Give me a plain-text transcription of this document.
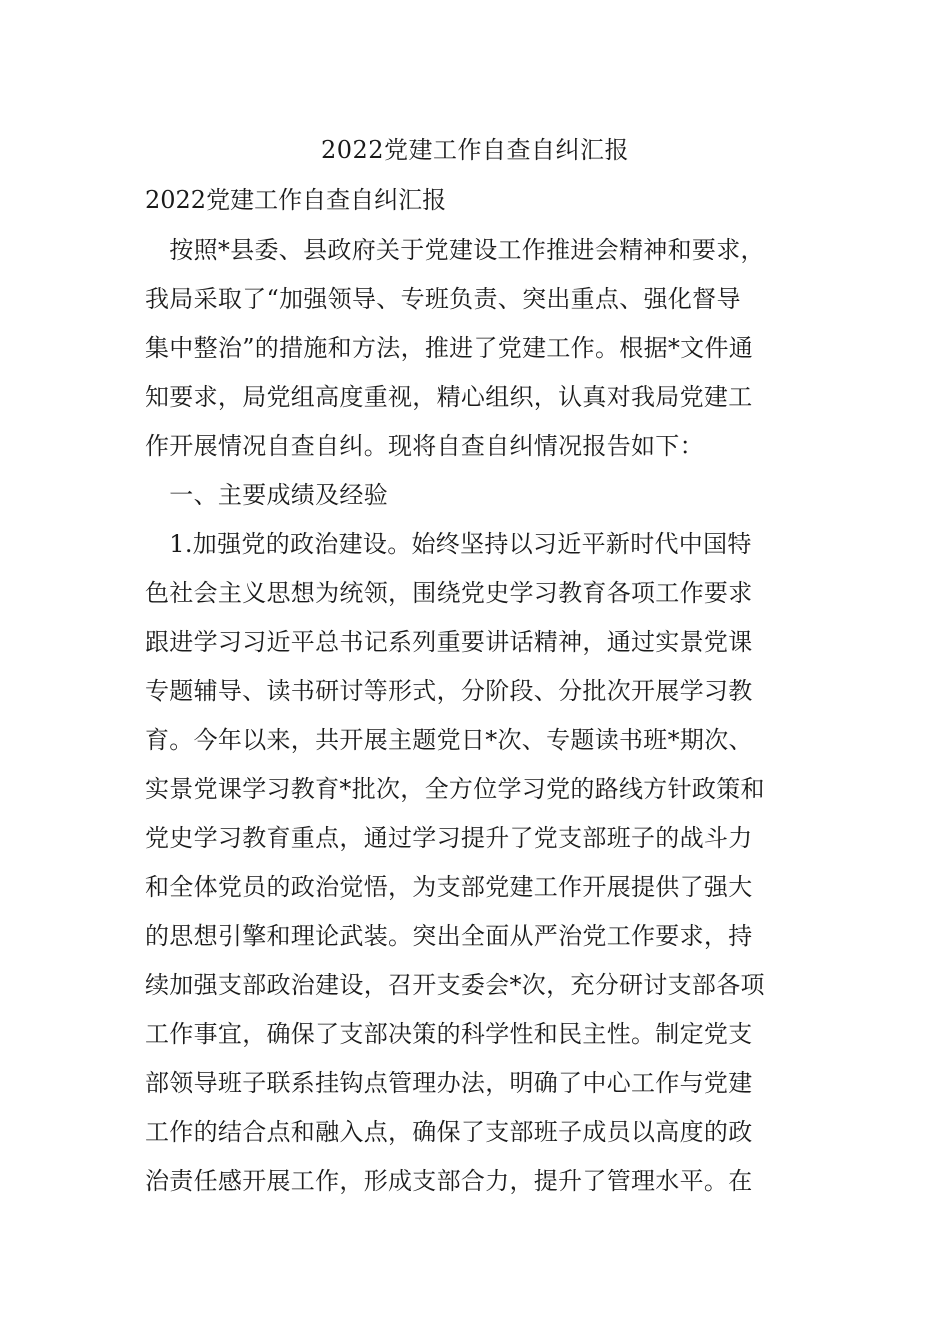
2022党建工作自查自纠汇报
2022党建工作自查自纠汇报
　按照*县委、县政府关于党建设工作推进会精神和要求，
我局采取了“加强领导、专班负责、突出重点、强化督导
集中整治”的措施和方法，推进了党建工作。根据*文件通
知要求，局党组高度重视，精心组织，认真对我局党建工
作开展情况自查自纠。现将自查自纠情况报告如下：
　一、主要成绩及经验
　1.加强党的政治建设。始终坚持以习近平新时代中国特
色社会主义思想为统领，围绕党史学习教育各项工作要求
跟进学习习近平总书记系列重要讲话精神，通过实景党课
专题辅导、读书研讨等形式，分阶段、分批次开展学习教
育。今年以来，共开展主题党日*次、专题读书班*期次、
实景党课学习教育*批次，全方位学习党的路线方针政策和
党史学习教育重点，通过学习提升了党支部班子的战斗力
和全体党员的政治觉悟，为支部党建工作开展提供了强大
的思想引擎和理论武装。突出全面从严治党工作要求，持
续加强支部政治建设，召开支委会*次，充分研讨支部各项
工作事宜，确保了支部决策的科学性和民主性。制定党支
部领导班子联系挂钩点管理办法，明确了中心工作与党建
工作的结合点和融入点，确保了支部班子成员以高度的政
治责任感开展工作，形成支部合力，提升了管理水平。在
